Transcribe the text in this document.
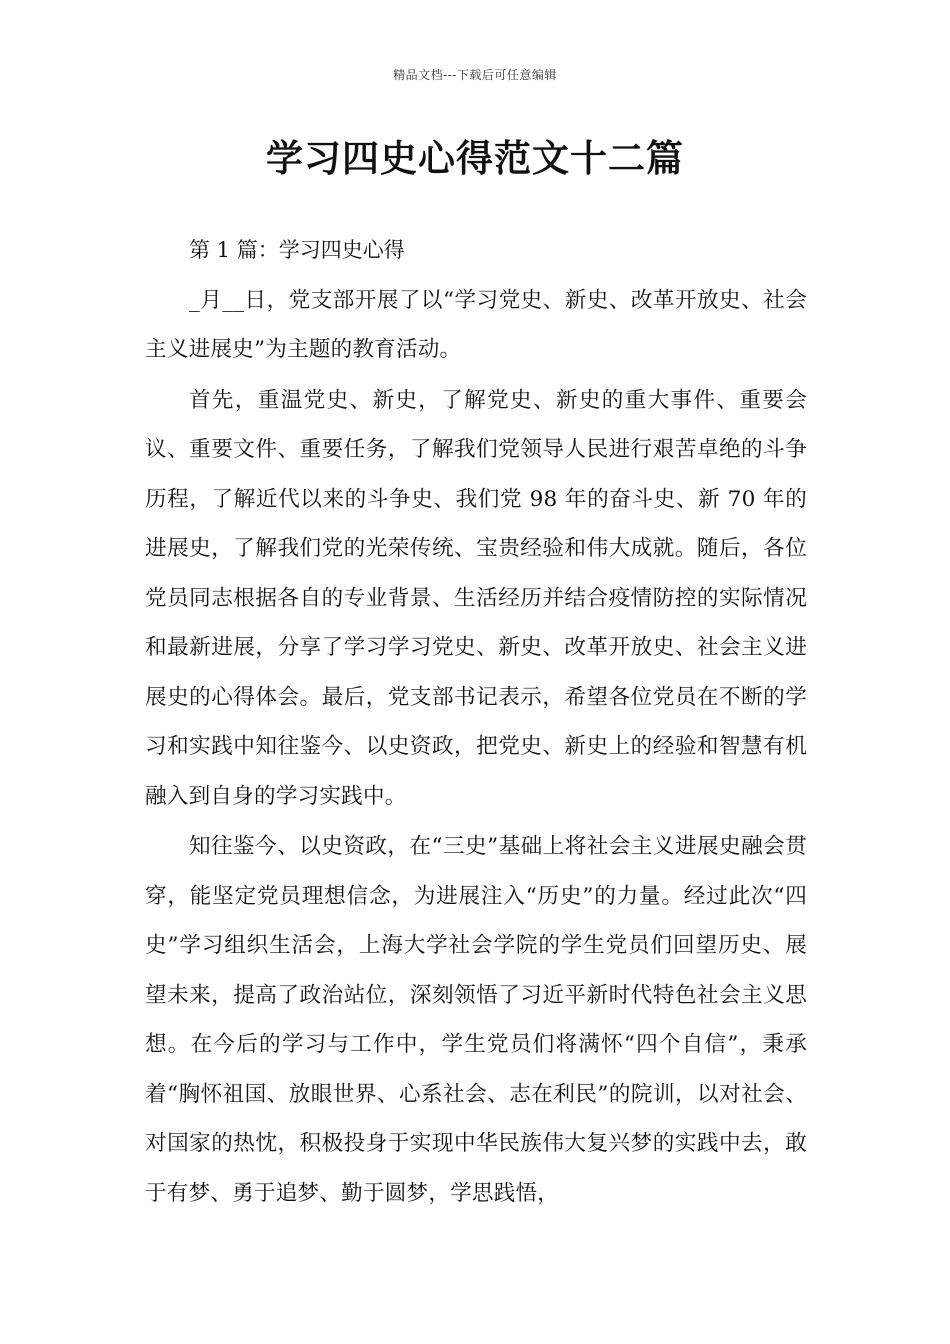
精品文档---下载后可任意编辑
学习四史心得范文十二篇

第 1 篇：学习四史心得

_月__日，党支部开展了以“学习党史、新史、改革开放史、社会主义进展史”为主题的教育活动。

首先，重温党史、新史，了解党史、新史的重大事件、重要会议、重要文件、重要任务，了解我们党领导人民进行艰苦卓绝的斗争历程，了解近代以来的斗争史、我们党 98 年的奋斗史、新 70 年的进展史，了解我们党的光荣传统、宝贵经验和伟大成就。随后，各位党员同志根据各自的专业背景、生活经历并结合疫情防控的实际情况和最新进展，分享了学习学习党史、新史、改革开放史、社会主义进展史的心得体会。最后，党支部书记表示，希望各位党员在不断的学习和实践中知往鉴今、以史资政，把党史、新史上的经验和智慧有机融入到自身的学习实践中。

知往鉴今、以史资政，在“三史”基础上将社会主义进展史融会贯穿，能坚定党员理想信念，为进展注入“历史”的力量。经过此次“四史”学习组织生活会，上海大学社会学院的学生党员们回望历史、展望未来，提高了政治站位，深刻领悟了习近平新时代特色社会主义思想。在今后的学习与工作中，学生党员们将满怀“四个自信”，秉承着“胸怀祖国、放眼世界、心系社会、志在利民”的院训，以对社会、对国家的热忱，积极投身于实现中华民族伟大复兴梦的实践中去，敢于有梦、勇于追梦、勤于圆梦，学思践悟，
